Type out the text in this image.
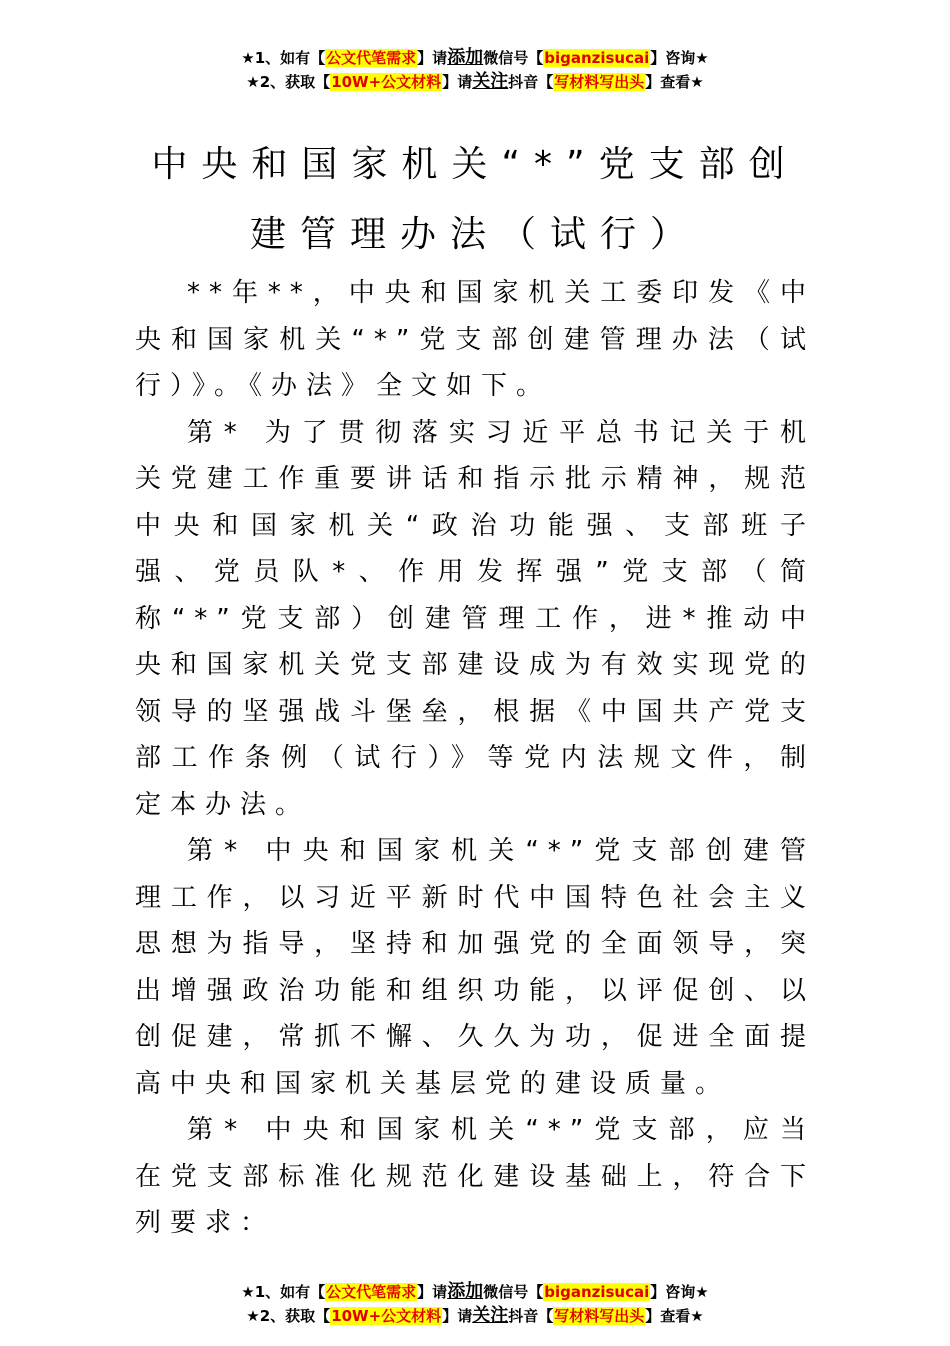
★1、如有【公文代笔需求】请添加微信号【biganzisucai】咨询★
★2、获取【10W+公文材料】请关注抖音【写材料写出头】查看★
中央和国家机关“*”党支部创
建管理办法（试行）

**年**，中央和国家机关工委印发《中央和国家机关“*”党支部创建管理办法（试行）》。《办法》全文如下。

第* 为了贯彻落实习近平总书记关于机关党建工作重要讲话和指示批示精神，规范中央和国家机关“政治功能强、支部班子强、党员队*、作用发挥强”党支部（简称“*”党支部）创建管理工作，进*推动中央和国家机关党支部建设成为有效实现党的领导的坚强战斗堡垒，根据《中国共产党支部工作条例（试行）》等党内法规文件，制定本办法。

第* 中央和国家机关“*”党支部创建管理工作，以习近平新时代中国特色社会主义思想为指导，坚持和加强党的全面领导，突出增强政治功能和组织功能，以评促创、以创促建，常抓不懈、久久为功，促进全面提高中央和国家机关基层党的建设质量。

第* 中央和国家机关“*”党支部，应当在党支部标准化规范化建设基础上，符合下列要求：

★1、如有【公文代笔需求】请添加微信号【biganzisucai】咨询★
★2、获取【10W+公文材料】请关注抖音【写材料写出头】查看★
